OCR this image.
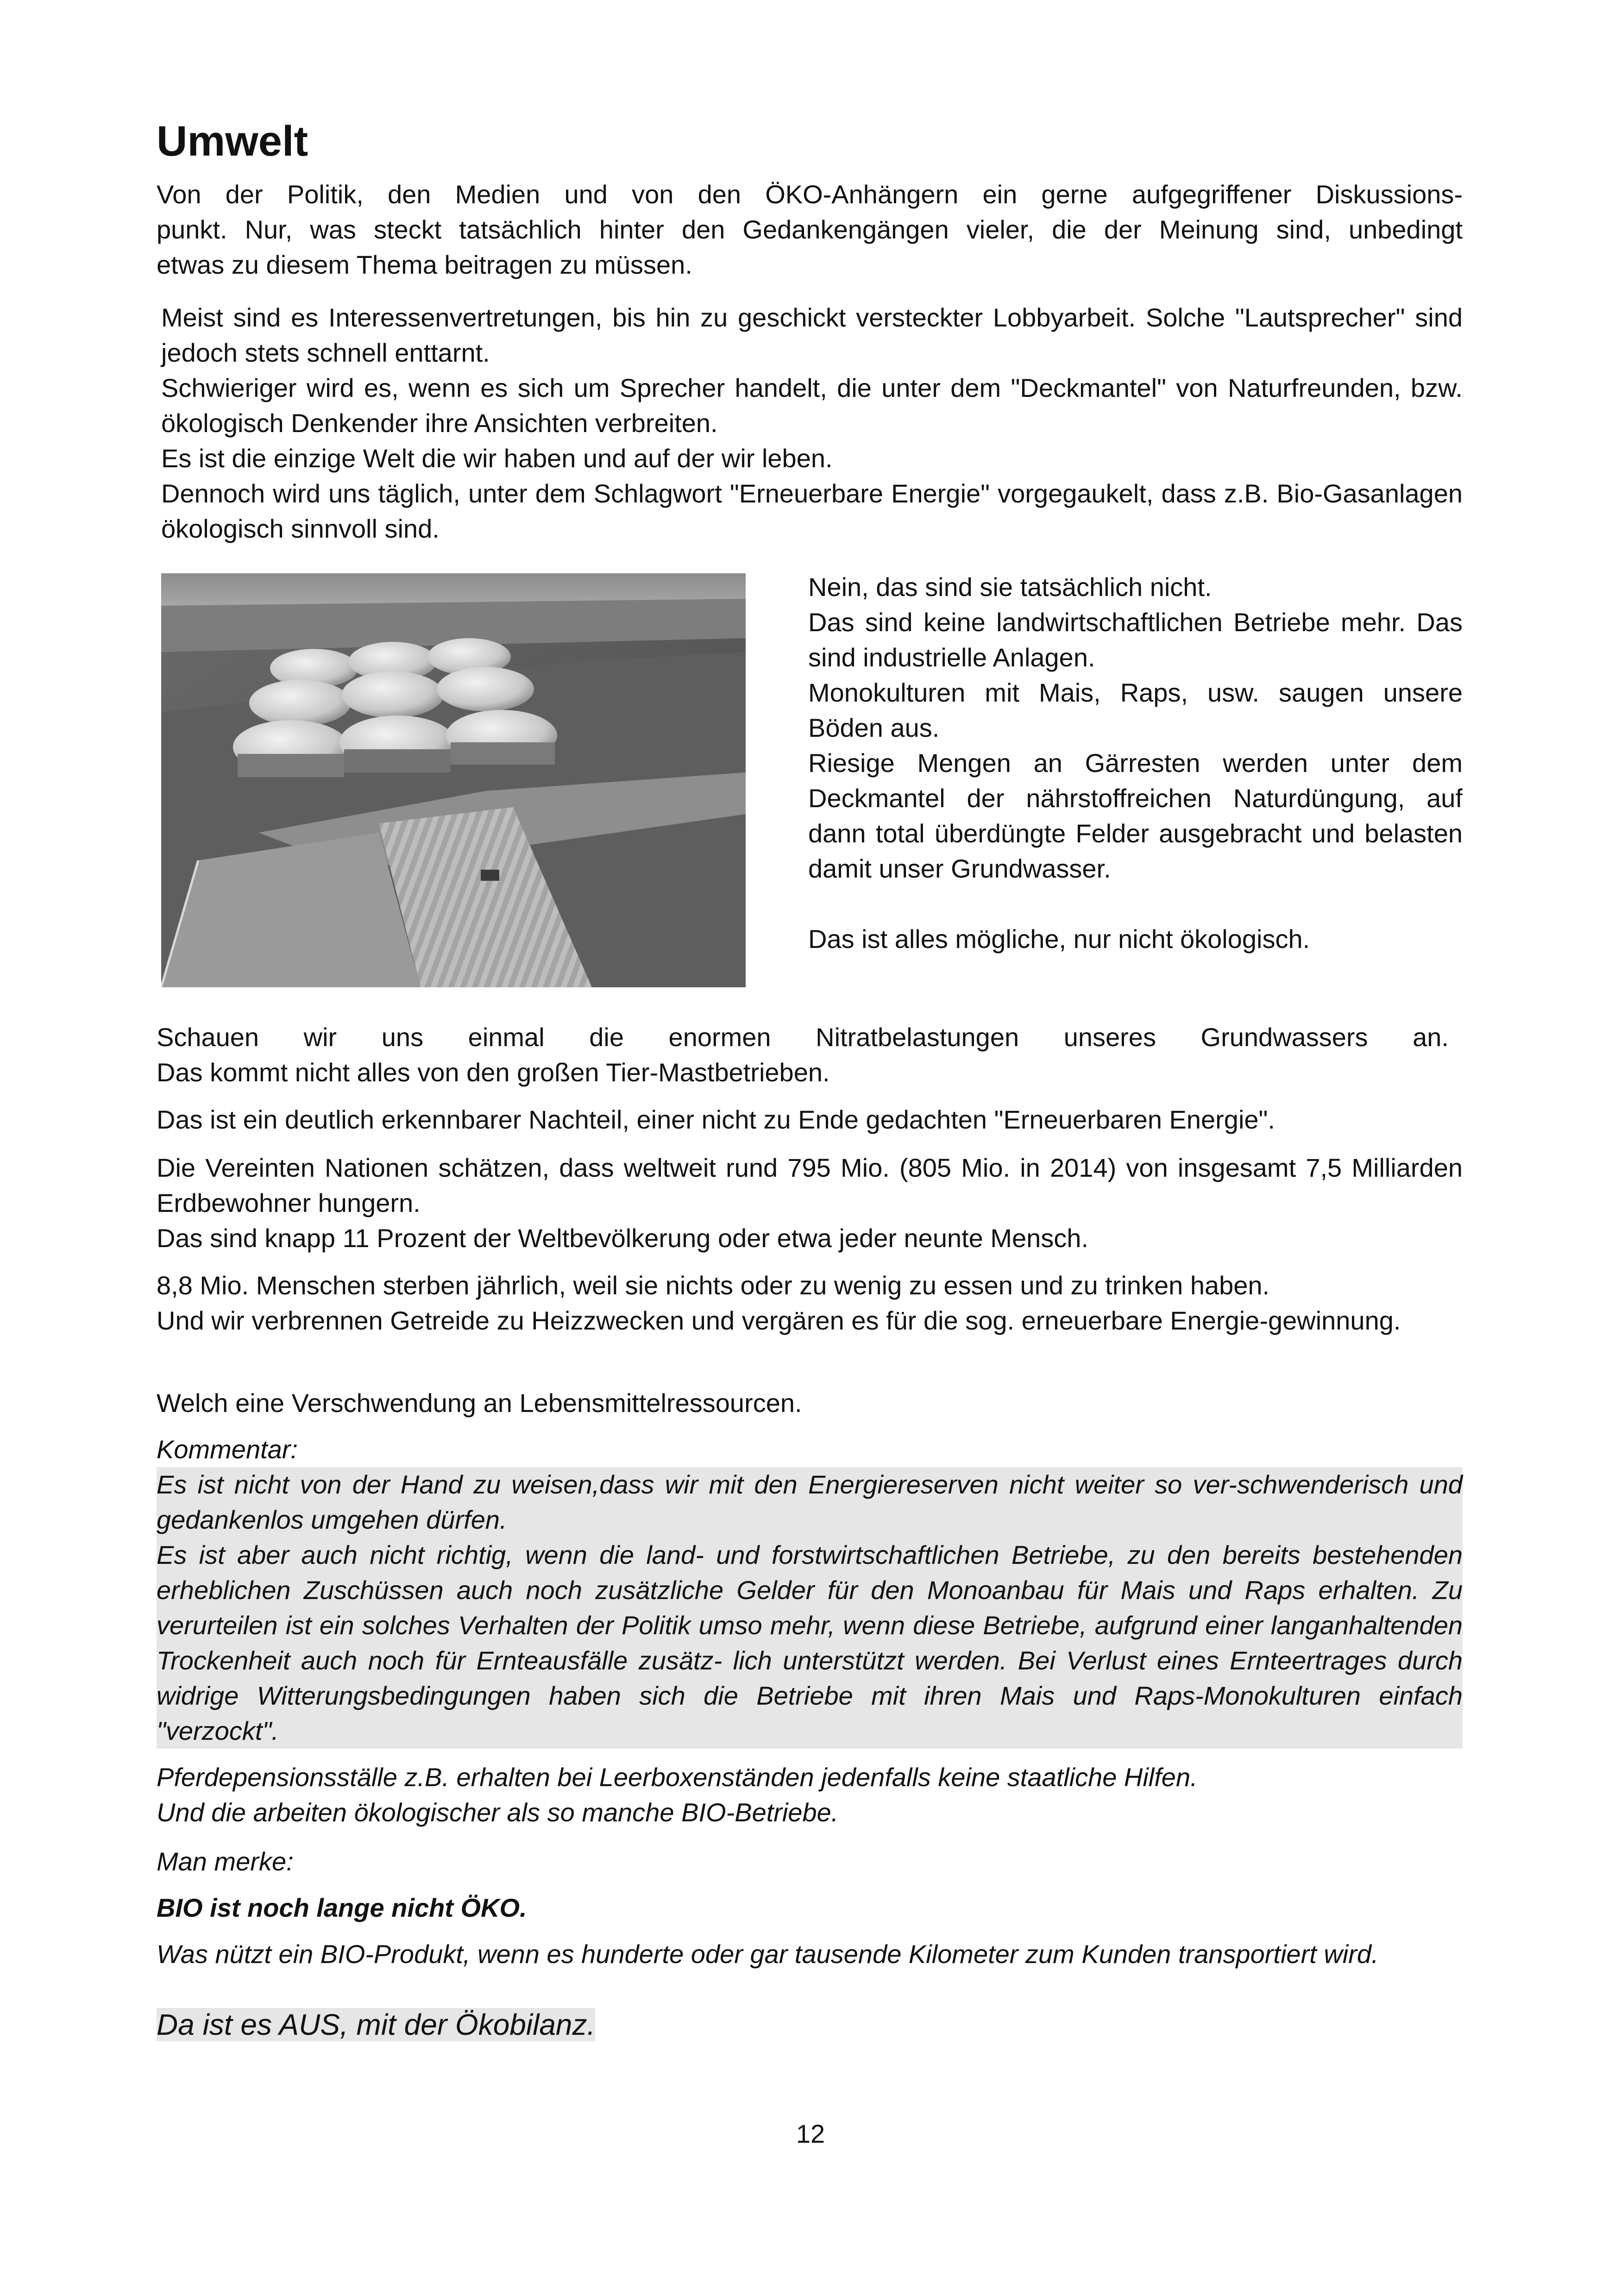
Umwelt

Von der Politik, den Medien und von den ÖKO-Anhängern ein gerne aufgegriffener Diskussions-

punkt. Nur, was steckt tatsächlich hinter den Gedankengängen vieler, die der Meinung sind, unbedingt

etwas zu diesem Thema beitragen zu müssen.

Meist sind es Interessenvertretungen, bis hin zu geschickt versteckter Lobbyarbeit. Solche "Lautsprecher" sind jedoch stets schnell enttarnt.

Schwieriger wird es, wenn es sich um Sprecher handelt, die unter dem "Deckmantel" von Naturfreunden, bzw. ökologisch Denkender ihre Ansichten verbreiten.

Es ist die einzige Welt die wir haben und auf der wir leben.

Dennoch wird uns täglich, unter dem Schlagwort "Erneuerbare Energie" vorgegaukelt, dass z.B. Bio-Gasanlagen ökologisch sinnvoll sind.

Nein, das sind sie tatsächlich nicht.

Das sind keine landwirtschaftlichen Betriebe mehr. Das sind industrielle Anlagen.

Monokulturen mit Mais, Raps, usw. saugen unsere Böden aus.

Riesige Mengen an Gärresten werden unter dem Deckmantel der nährstoffreichen Naturdüngung, auf dann total überdüngte Felder ausgebracht und belasten damit unser Grundwasser.

Das ist alles mögliche, nur nicht ökologisch.

Schauen wir uns einmal die enormen Nitratbelastungen unseres Grundwassers an.

Das kommt nicht alles von den großen Tier-Mastbetrieben.

Das ist ein deutlich erkennbarer Nachteil, einer nicht zu Ende gedachten "Erneuerbaren Energie".

Die Vereinten Nationen schätzen, dass weltweit rund 795 Mio. (805 Mio. in 2014) von insgesamt 7,5 Milliarden Erdbewohner hungern.

Das sind knapp 11 Prozent der Weltbevölkerung oder etwa jeder neunte Mensch.

8,8 Mio. Menschen sterben jährlich, weil sie nichts oder zu wenig zu essen und zu trinken haben.

Und wir verbrennen Getreide zu Heizzwecken und vergären es für die sog. erneuerbare Energie-gewinnung.

Welch eine Verschwendung an Lebensmittelressourcen.

Kommentar:

Es ist nicht von der Hand zu weisen,dass wir mit den Energiereserven nicht weiter so ver-schwenderisch und gedankenlos umgehen dürfen.

Es ist aber auch nicht richtig, wenn die land- und forstwirtschaftlichen Betriebe, zu den bereits bestehenden erheblichen Zuschüssen auch noch zusätzliche Gelder für den Monoanbau für Mais und Raps erhalten. Zu verurteilen ist ein solches Verhalten der Politik umso mehr, wenn diese Betriebe, aufgrund einer langanhaltenden Trockenheit auch noch für Ernteausfälle zusätz- lich unterstützt werden. Bei Verlust eines Ernteertrages durch widrige Witterungsbedingungen haben sich die Betriebe mit ihren Mais und Raps-Monokulturen einfach "verzockt".

Pferdepensionsställe z.B. erhalten bei Leerboxenständen jedenfalls keine staatliche Hilfen.

Und die arbeiten ökologischer als so manche BIO-Betriebe.

Man merke:

BIO ist noch lange nicht ÖKO.

Was nützt ein BIO-Produkt, wenn es hunderte oder gar tausende Kilometer zum Kunden transportiert wird.

Da ist es AUS, mit der Ökobilanz.

12
